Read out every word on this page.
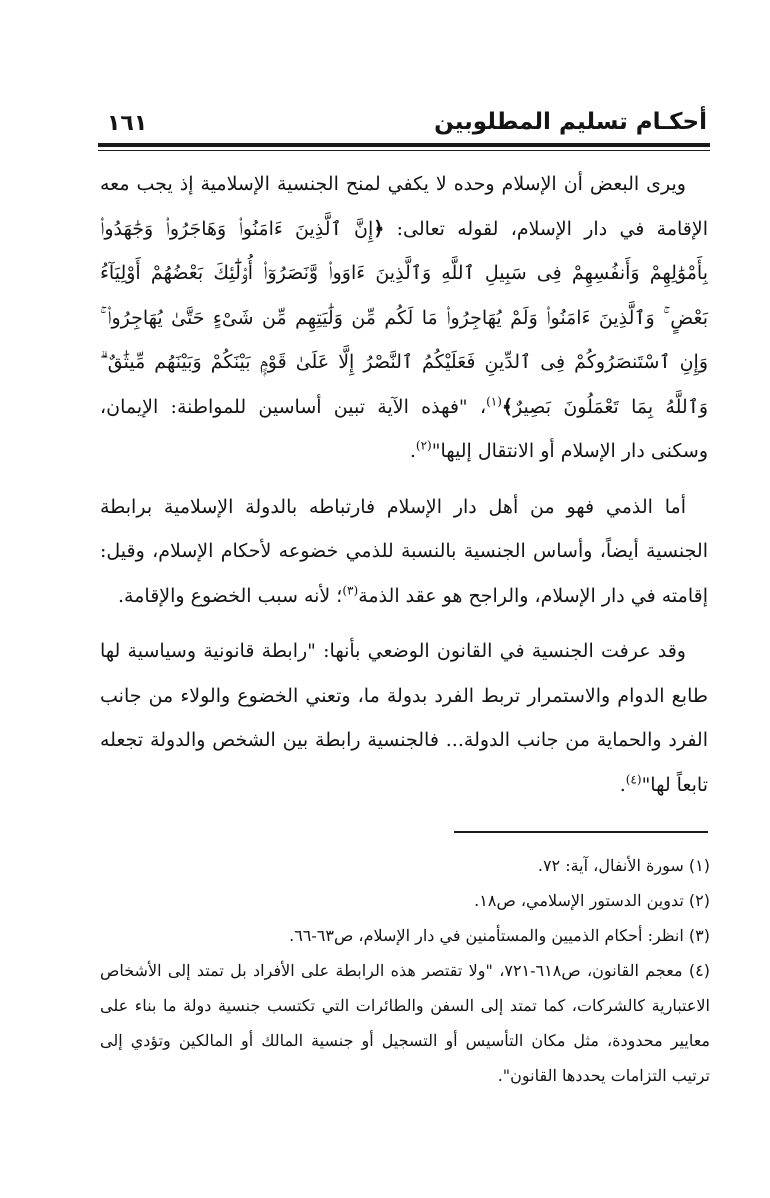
أحكـام تسليم المطلوبين
١٦١

ويرى البعض أن الإسلام وحده لا يكفي لمنح الجنسية الإسلامية إذ يجب معه الإقامة في دار الإسلام، لقوله تعالى: ﴿إِنَّ ٱلَّذِينَ ءَامَنُوا۟ وَهَاجَرُوا۟ وَجَٰهَدُوا۟ بِأَمْوَٰلِهِمْ وَأَنفُسِهِمْ فِى سَبِيلِ ٱللَّهِ وَٱلَّذِينَ ءَاوَوا۟ وَّنَصَرُوٓا۟ أُو۟لَٰٓئِكَ بَعْضُهُمْ أَوْلِيَآءُ بَعْضٍ ۚ وَٱلَّذِينَ ءَامَنُوا۟ وَلَمْ يُهَاجِرُوا۟ مَا لَكُم مِّن وَلَٰيَتِهِم مِّن شَىْءٍ حَتَّىٰ يُهَاجِرُوا۟ ۚ وَإِنِ ٱسْتَنصَرُوكُمْ فِى ٱلدِّينِ فَعَلَيْكُمُ ٱلنَّصْرُ إِلَّا عَلَىٰ قَوْمٍۭ بَيْنَكُمْ وَبَيْنَهُم مِّيثَٰقٌ ۗ وَٱللَّهُ بِمَا تَعْمَلُونَ بَصِيرٌ﴾$^{(١)}$، "فهذه الآية تبين أساسين للمواطنة: الإيمان، وسكنى دار الإسلام أو الانتقال إليها"$^{(٢)}$.

أما الذمي فهو من أهل دار الإسلام فارتباطه بالدولة الإسلامية برابطة الجنسية أيضاً، وأساس الجنسية بالنسبة للذمي خضوعه لأحكام الإسلام، وقيل: إقامته في دار الإسلام، والراجح هو عقد الذمة$^{(٣)}$؛ لأنه سبب الخضوع والإقامة.

وقد عرفت الجنسية في القانون الوضعي بأنها: "رابطة قانونية وسياسية لها طابع الدوام والاستمرار تربط الفرد بدولة ما، وتعني الخضوع والولاء من جانب الفرد والحماية من جانب الدولة... فالجنسية رابطة بين الشخص والدولة تجعله تابعاً لها"$^{(٤)}$.

(١) سورة الأنفال، آية: ٧٢.

(٢) تدوين الدستور الإسلامي، ص١٨.

(٣) انظر: أحكام الذميين والمستأمنين في دار الإسلام، ص٦٣-٦٦.

(٤) معجم القانون، ص٦١٨-٧٢١، "ولا تقتصر هذه الرابطة على الأفراد بل تمتد إلى الأشخاص الاعتبارية كالشركات، كما تمتد إلى السفن والطائرات التي تكتسب جنسية دولة ما بناء على معايير محدودة، مثل مكان التأسيس أو التسجيل أو جنسية المالك أو المالكين وتؤدي إلى ترتيب التزامات يحددها القانون".
